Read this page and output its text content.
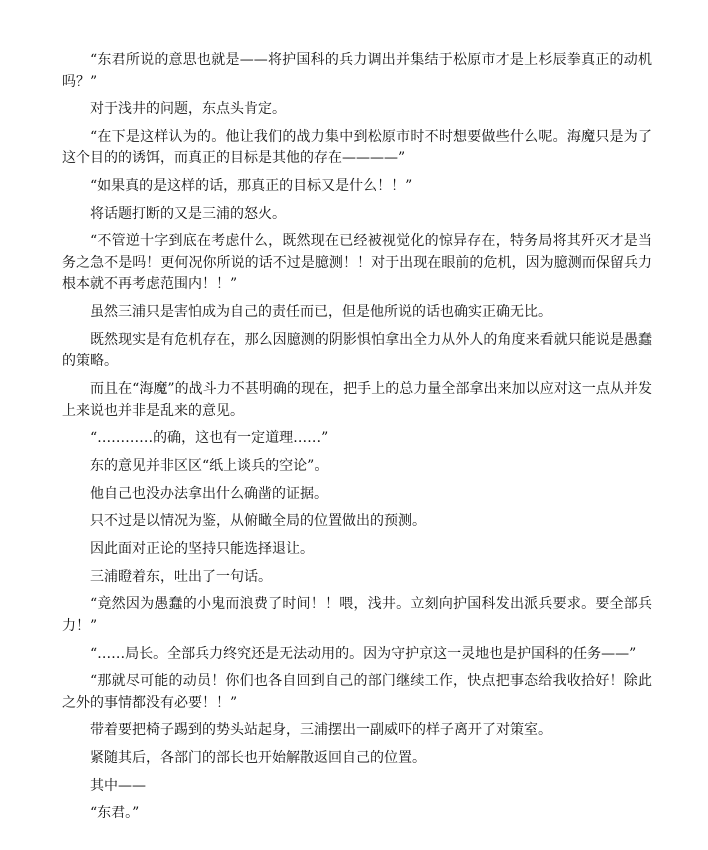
“东君所说的意思也就是——将护国科的兵力调出并集结于松原市才是上杉辰拳真正的动机吗？”

对于浅井的问题，东点头肯定。

“在下是这样认为的。他让我们的战力集中到松原市时不时想要做些什么呢。海魔只是为了这个目的的诱饵，而真正的目标是其他的存在————”

“如果真的是这样的话，那真正的目标又是什么！！”

将话题打断的又是三浦的怒火。

“不管逆十字到底在考虑什么，既然现在已经被视觉化的惊异存在，特务局将其歼灭才是当务之急不是吗！更何况你所说的话不过是臆测！！对于出现在眼前的危机，因为臆测而保留兵力根本就不再考虑范围内！！”

虽然三浦只是害怕成为自己的责任而已，但是他所说的话也确实正确无比。

既然现实是有危机存在，那么因臆测的阴影惧怕拿出全力从外人的角度来看就只能说是愚蠢的策略。

而且在“海魔”的战斗力不甚明确的现在，把手上的总力量全部拿出来加以应对这一点从并发上来说也并非是乱来的意见。

“…………的确，这也有一定道理……”

东的意见并非区区“纸上谈兵的空论”。

他自己也没办法拿出什么确凿的证据。

只不过是以情况为鉴，从俯瞰全局的位置做出的预测。

因此面对正论的坚持只能选择退让。

三浦瞪着东，吐出了一句话。

“竟然因为愚蠢的小鬼而浪费了时间！！喂，浅井。立刻向护国科发出派兵要求。要全部兵力！”

“……局长。全部兵力终究还是无法动用的。因为守护京这一灵地也是护国科的任务——”

“那就尽可能的动员！你们也各自回到自己的部门继续工作，快点把事态给我收拾好！除此之外的事情都没有必要！！”

带着要把椅子踢到的势头站起身，三浦摆出一副威吓的样子离开了对策室。

紧随其后，各部门的部长也开始解散返回自己的位置。

其中——

“东君。”
